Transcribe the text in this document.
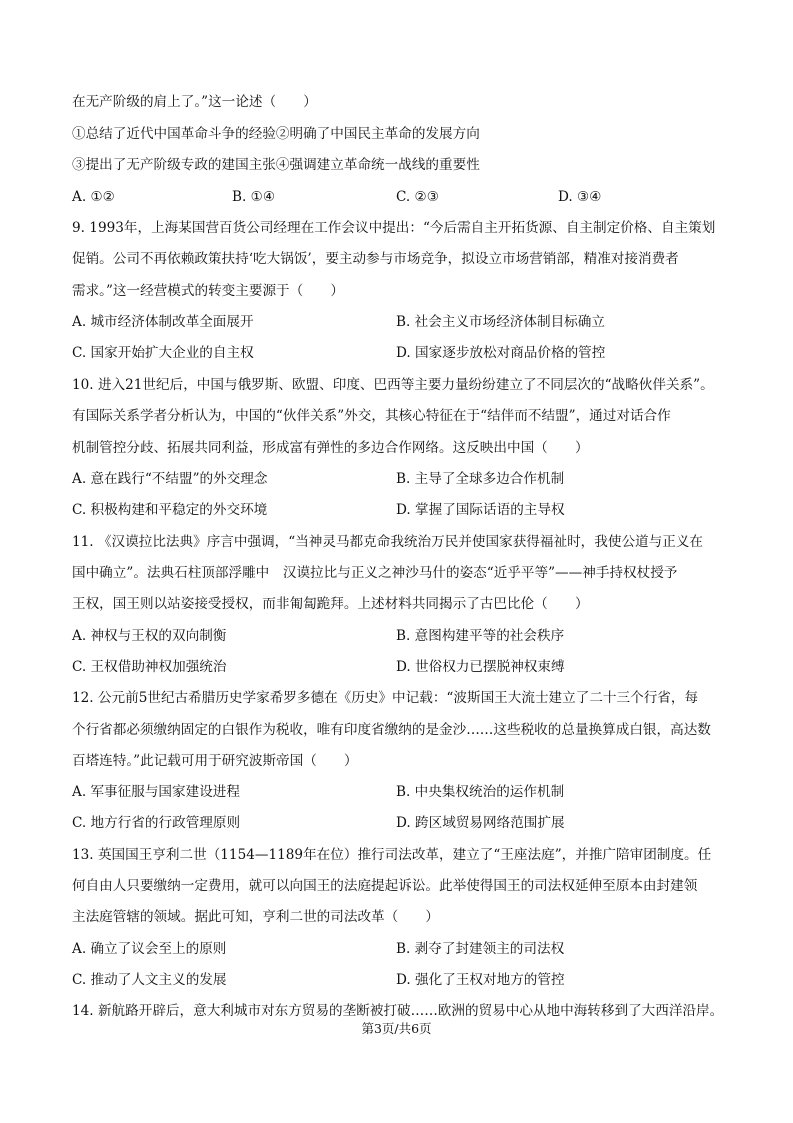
在无产阶级的肩上了。”这一论述（　　）
①总结了近代中国革命斗争的经验②明确了中国民主革命的发展方向
③提出了无产阶级专政的建国主张④强调建立革命统一战线的重要性
A. ①②	B. ①④	C. ②③	D. ③④
9. 1993年，上海某国营百货公司经理在工作会议中提出：“今后需自主开拓货源、自主制定价格、自主策划
促销。公司不再依赖政策扶持‘吃大锅饭’，要主动参与市场竞争，拟设立市场营销部，精准对接消费者
需求。”这一经营模式的转变主要源于（　　）
A. 城市经济体制改革全面展开	B. 社会主义市场经济体制目标确立
C. 国家开始扩大企业的自主权	D. 国家逐步放松对商品价格的管控
10. 进入21世纪后，中国与俄罗斯、欧盟、印度、巴西等主要力量纷纷建立了不同层次的“战略伙伴关系”。
有国际关系学者分析认为，中国的“伙伴关系”外交，其核心特征在于“结伴而不结盟”，通过对话合作
机制管控分歧、拓展共同利益，形成富有弹性的多边合作网络。这反映出中国（　　）
A. 意在践行“不结盟”的外交理念	B. 主导了全球多边合作机制
C. 积极构建和平稳定的外交环境	D. 掌握了国际话语的主导权
11. 《汉谟拉比法典》序言中强调，“当神灵马都克命我统治万民并使国家获得福祉时，我使公道与正义在
国中确立”。法典石柱顶部浮雕中　汉谟拉比与正义之神沙马什的姿态“近乎平等”——神手持权杖授予
王权，国王则以站姿接受授权，而非匍匐跪拜。上述材料共同揭示了古巴比伦（　　）
A. 神权与王权的双向制衡	B. 意图构建平等的社会秩序
C. 王权借助神权加强统治	D. 世俗权力已摆脱神权束缚
12. 公元前5世纪古希腊历史学家希罗多德在《历史》中记载：“波斯国王大流士建立了二十三个行省，每
个行省都必须缴纳固定的白银作为税收，唯有印度省缴纳的是金沙……这些税收的总量换算成白银，高达数
百塔连特。”此记载可用于研究波斯帝国（　　）
A. 军事征服与国家建设进程	B. 中央集权统治的运作机制
C. 地方行省的行政管理原则	D. 跨区域贸易网络范围扩展
13. 英国国王亨利二世（1154—1189年在位）推行司法改革，建立了“王座法庭”，并推广陪审团制度。任
何自由人只要缴纳一定费用，就可以向国王的法庭提起诉讼。此举使得国王的司法权延伸至原本由封建领
主法庭管辖的领域。据此可知，亨利二世的司法改革（　　）
A. 确立了议会至上的原则	B. 剥夺了封建领主的司法权
C. 推动了人文主义的发展	D. 强化了王权对地方的管控
14. 新航路开辟后，意大利城市对东方贸易的垄断被打破……欧洲的贸易中心从地中海转移到了大西洋沿岸。
第3页/共6页
